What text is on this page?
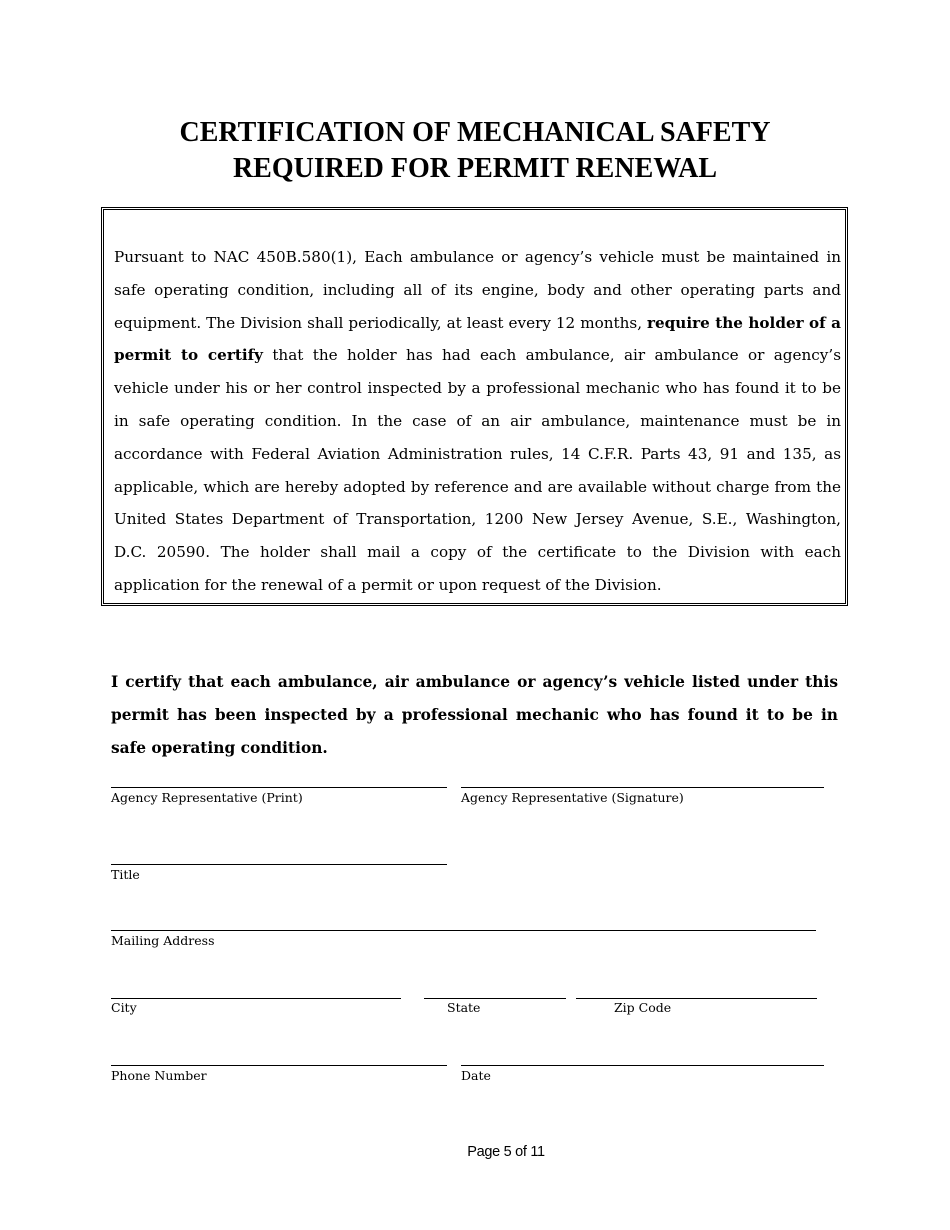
CERTIFICATION OF MECHANICAL SAFETY
REQUIRED FOR PERMIT RENEWAL

Pursuant to NAC 450B.580(1), Each ambulance or agency’s vehicle must be maintained in safe operating condition, including all of its engine, body and other operating parts and equipment. The Division shall periodically, at least every 12 months, require the holder of a permit to certify that the holder has had each ambulance, air ambulance or agency’s vehicle under his or her control inspected by a professional mechanic who has found it to be in safe operating condition. In the case of an air ambulance, maintenance must be in accordance with Federal Aviation Administration rules, 14 C.F.R. Parts 43, 91 and 135, as applicable, which are hereby adopted by reference and are available without charge from the United States Department of Transportation, 1200 New Jersey Avenue, S.E., Washington, D.C. 20590. The holder shall mail a copy of the certificate to the Division with each application for the renewal of a permit or upon request of the Division.

I certify that each ambulance, air ambulance or agency’s vehicle listed under this permit has been inspected by a professional mechanic who has found it to be in safe operating condition.

Agency Representative (Print)	Agency Representative (Signature)
Title
Mailing Address
City	State	Zip Code
Phone Number	Date
Page 5 of 11
